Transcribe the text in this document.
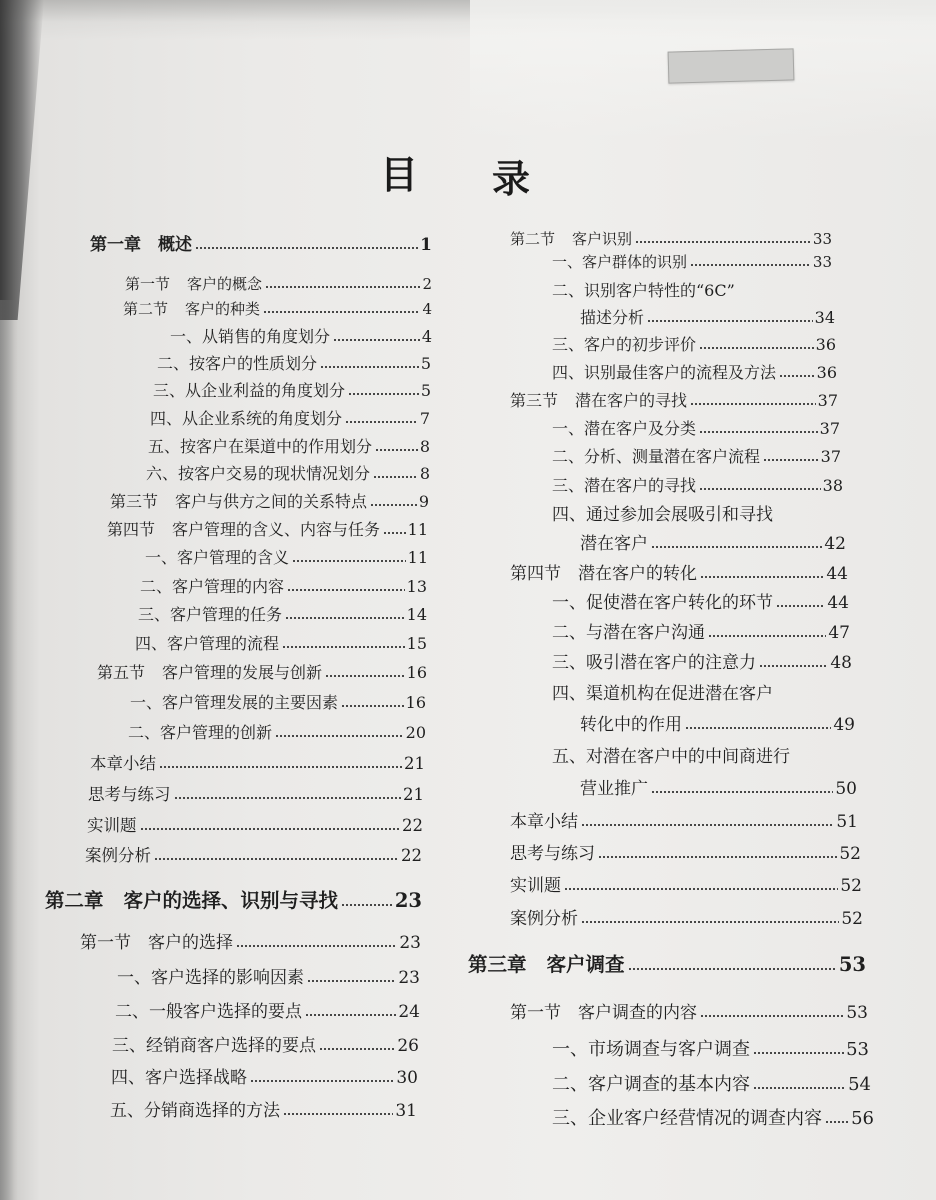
目 录
第一章 概述	1
第一节 客户的概念	2
第二节 客户的种类	4
一、从销售的角度划分	4
二、按客户的性质划分	5
三、从企业利益的角度划分	5
四、从企业系统的角度划分	7
五、按客户在渠道中的作用划分	8
六、按客户交易的现状情况划分	8
第三节 客户与供方之间的关系特点	9
第四节 客户管理的含义、内容与任务 11
一、客户管理的含义	11
二、客户管理的内容	13
三、客户管理的任务	14
四、客户管理的流程	15
第五节 客户管理的发展与创新	16
一、客户管理发展的主要因素	16
二、客户管理的创新	20
本章小结	21
思考与练习	21
实训题	22
案例分析	22
第二章 客户的选择、识别与寻找	23
第一节 客户的选择	23
一、客户选择的影响因素	23
二、一般客户选择的要点	24
三、经销商客户选择的要点	26
四、客户选择战略	30
五、分销商选择的方法	31
第二节 客户识别	33
一、客户群体的识别	33
二、识别客户特性的“6C”
描述分析	34
三、客户的初步评价	36
四、识别最佳客户的流程及方法	36
第三节 潜在客户的寻找	37
一、潜在客户及分类	37
二、分析、测量潜在客户流程	37
三、潜在客户的寻找	38
四、通过参加会展吸引和寻找
潜在客户	42
第四节 潜在客户的转化	44
一、促使潜在客户转化的环节	44
二、与潜在客户沟通	47
三、吸引潜在客户的注意力	48
四、渠道机构在促进潜在客户
转化中的作用	49
五、对潜在客户中的中间商进行
营业推广	50
本章小结	51
思考与练习	52
实训题	52
案例分析	52
第三章 客户调查	53
第一节 客户调查的内容	53
一、市场调查与客户调查	53
二、客户调查的基本内容	54
三、企业客户经营情况的调查内容 56
